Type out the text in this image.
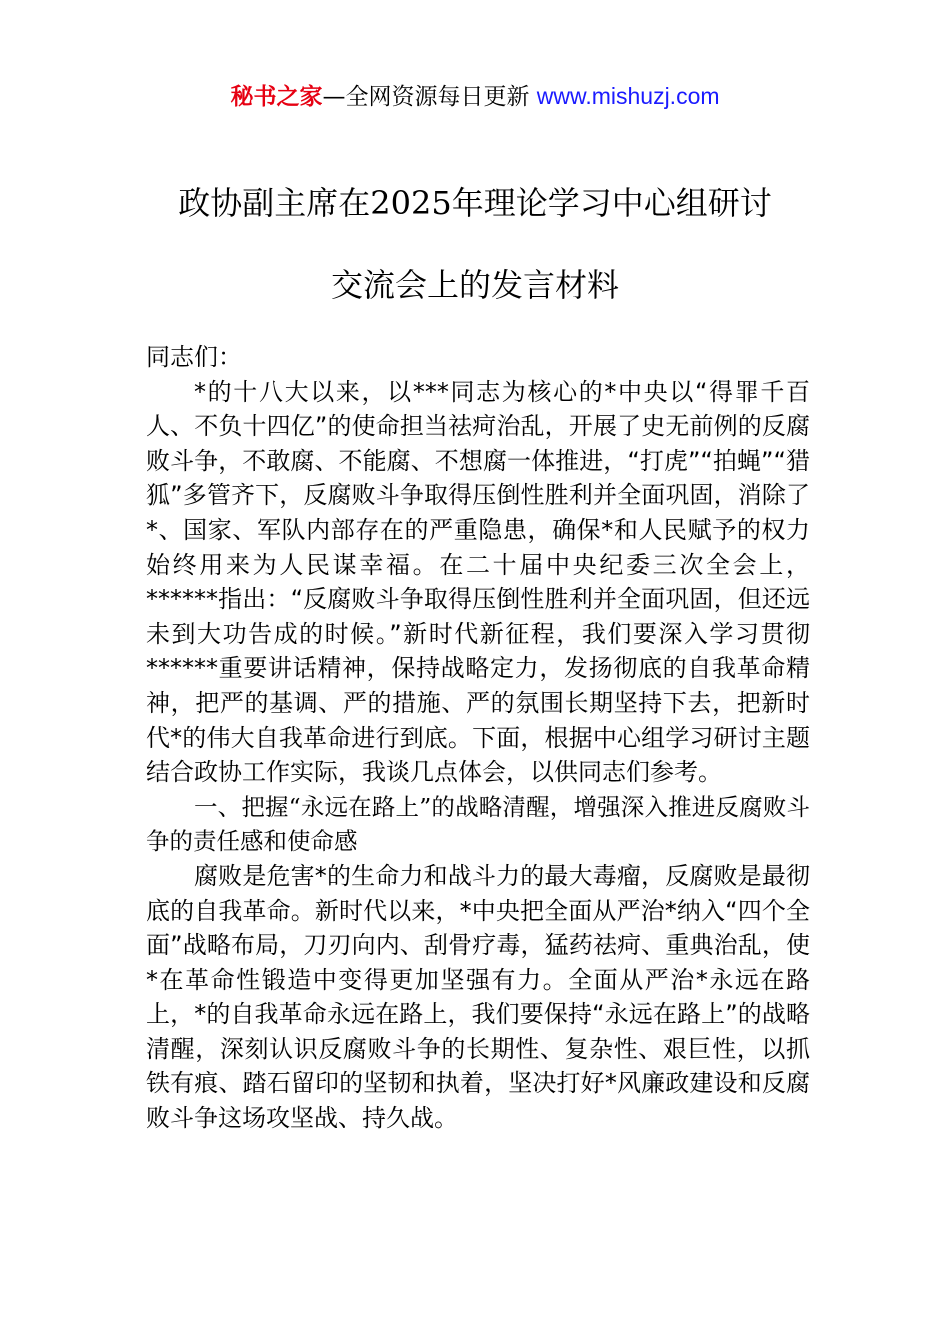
秘书之家—全网资源每日更新 www.mishuzj.com
政协副主席在2025年理论学习中心组研讨
交流会上的发言材料

同志们：

*的十八大以来，以***同志为核心的*中央以“得罪千百人、不负十四亿”的使命担当祛疴治乱，开展了史无前例的反腐败斗争，不敢腐、不能腐、不想腐一体推进，“打虎”“拍蝇”“猎狐”多管齐下，反腐败斗争取得压倒性胜利并全面巩固，消除了*、国家、军队内部存在的严重隐患，确保*和人民赋予的权力始终用来为人民谋幸福。在二十届中央纪委三次全会上，******指出：“反腐败斗争取得压倒性胜利并全面巩固，但还远未到大功告成的时候。”新时代新征程，我们要深入学习贯彻******重要讲话精神，保持战略定力，发扬彻底的自我革命精神，把严的基调、严的措施、严的氛围长期坚持下去，把新时代*的伟大自我革命进行到底。下面，根据中心组学习研讨主题结合政协工作实际，我谈几点体会，以供同志们参考。

一、把握“永远在路上”的战略清醒，增强深入推进反腐败斗争的责任感和使命感

腐败是危害*的生命力和战斗力的最大毒瘤，反腐败是最彻底的自我革命。新时代以来，*中央把全面从严治*纳入“四个全面”战略布局，刀刃向内、刮骨疗毒，猛药祛疴、重典治乱，使*在革命性锻造中变得更加坚强有力。全面从严治*永远在路上，*的自我革命永远在路上，我们要保持“永远在路上”的战略清醒，深刻认识反腐败斗争的长期性、复杂性、艰巨性，以抓铁有痕、踏石留印的坚韧和执着，坚决打好*风廉政建设和反腐败斗争这场攻坚战、持久战。
